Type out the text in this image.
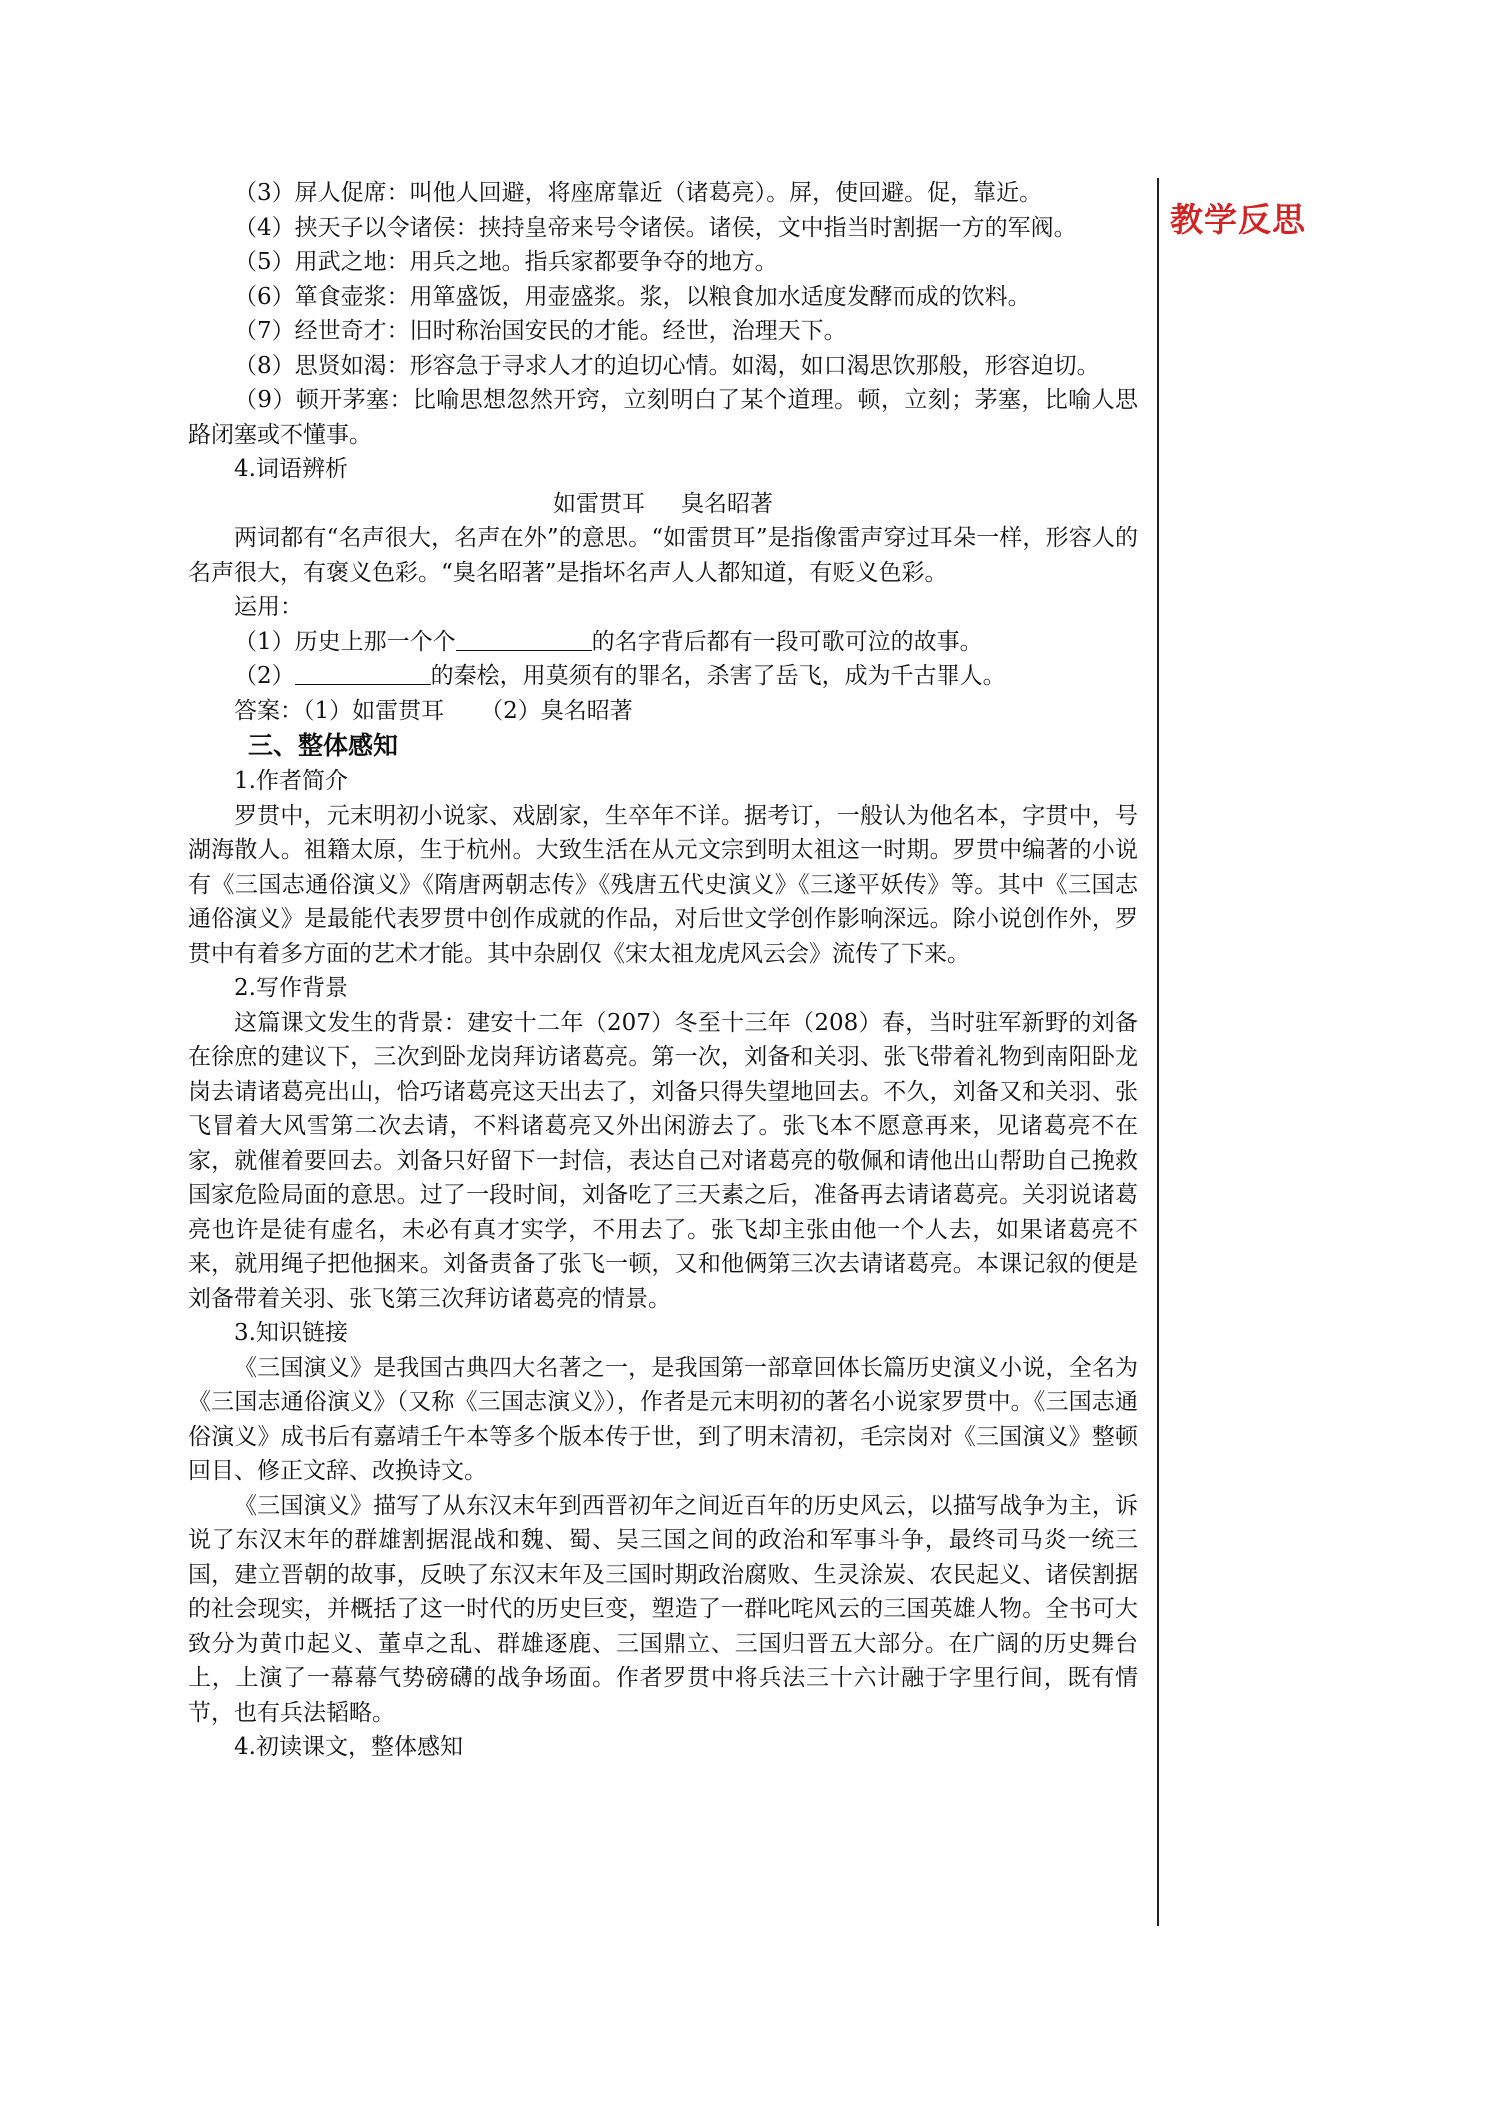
教学反思

（3）屏人促席：叫他人回避，将座席靠近（诸葛亮）。屏，使回避。促，靠近。

（4）挟天子以令诸侯：挟持皇帝来号令诸侯。诸侯，文中指当时割据一方的军阀。

（5）用武之地：用兵之地。指兵家都要争夺的地方。

（6）箪食壶浆：用箪盛饭，用壶盛浆。浆，以粮食加水适度发酵而成的饮料。

（7）经世奇才：旧时称治国安民的才能。经世，治理天下。

（8）思贤如渴：形容急于寻求人才的迫切心情。如渴，如口渴思饮那般，形容迫切。

（9）顿开茅塞：比喻思想忽然开窍，立刻明白了某个道理。顿，立刻；茅塞，比喻人思路闭塞或不懂事。

4.词语辨析

如雷贯耳 臭名昭著

两词都有“名声很大，名声在外”的意思。“如雷贯耳”是指像雷声穿过耳朵一样，形容人的名声很大，有褒义色彩。“臭名昭著”是指坏名声人人都知道，有贬义色彩。

运用：

（1）历史上那一个个	的名字背后都有一段可歌可泣的故事。

（2）	的秦桧，用莫须有的罪名，杀害了岳飞，成为千古罪人。

答案：（1）如雷贯耳 （2）臭名昭著

三、整体感知

1.作者简介

罗贯中，元末明初小说家、戏剧家，生卒年不详。据考订，一般认为他名本，字贯中，号湖海散人。祖籍太原，生于杭州。大致生活在从元文宗到明太祖这一时期。罗贯中编著的小说有《三国志通俗演义》《隋唐两朝志传》《残唐五代史演义》《三遂平妖传》等。其中《三国志通俗演义》是最能代表罗贯中创作成就的作品，对后世文学创作影响深远。除小说创作外，罗贯中有着多方面的艺术才能。其中杂剧仅《宋太祖龙虎风云会》流传了下来。

2.写作背景

这篇课文发生的背景：建安十二年（207）冬至十三年（208）春，当时驻军新野的刘备在徐庶的建议下，三次到卧龙岗拜访诸葛亮。第一次，刘备和关羽、张飞带着礼物到南阳卧龙岗去请诸葛亮出山，恰巧诸葛亮这天出去了，刘备只得失望地回去。不久，刘备又和关羽、张飞冒着大风雪第二次去请，不料诸葛亮又外出闲游去了。张飞本不愿意再来，见诸葛亮不在家，就催着要回去。刘备只好留下一封信，表达自己对诸葛亮的敬佩和请他出山帮助自己挽救国家危险局面的意思。过了一段时间，刘备吃了三天素之后，准备再去请诸葛亮。关羽说诸葛亮也许是徒有虚名，未必有真才实学，不用去了。张飞却主张由他一个人去，如果诸葛亮不来，就用绳子把他捆来。刘备责备了张飞一顿，又和他俩第三次去请诸葛亮。本课记叙的便是刘备带着关羽、张飞第三次拜访诸葛亮的情景。

3.知识链接

《三国演义》是我国古典四大名著之一，是我国第一部章回体长篇历史演义小说，全名为《三国志通俗演义》（又称《三国志演义》），作者是元末明初的著名小说家罗贯中。《三国志通俗演义》成书后有嘉靖壬午本等多个版本传于世，到了明末清初，毛宗岗对《三国演义》整顿回目、修正文辞、改换诗文。

《三国演义》描写了从东汉末年到西晋初年之间近百年的历史风云，以描写战争为主，诉说了东汉末年的群雄割据混战和魏、蜀、吴三国之间的政治和军事斗争，最终司马炎一统三国，建立晋朝的故事，反映了东汉末年及三国时期政治腐败、生灵涂炭、农民起义、诸侯割据的社会现实，并概括了这一时代的历史巨变，塑造了一群叱咤风云的三国英雄人物。全书可大致分为黄巾起义、董卓之乱、群雄逐鹿、三国鼎立、三国归晋五大部分。在广阔的历史舞台上，上演了一幕幕气势磅礴的战争场面。作者罗贯中将兵法三十六计融于字里行间，既有情节，也有兵法韬略。

4.初读课文，整体感知
